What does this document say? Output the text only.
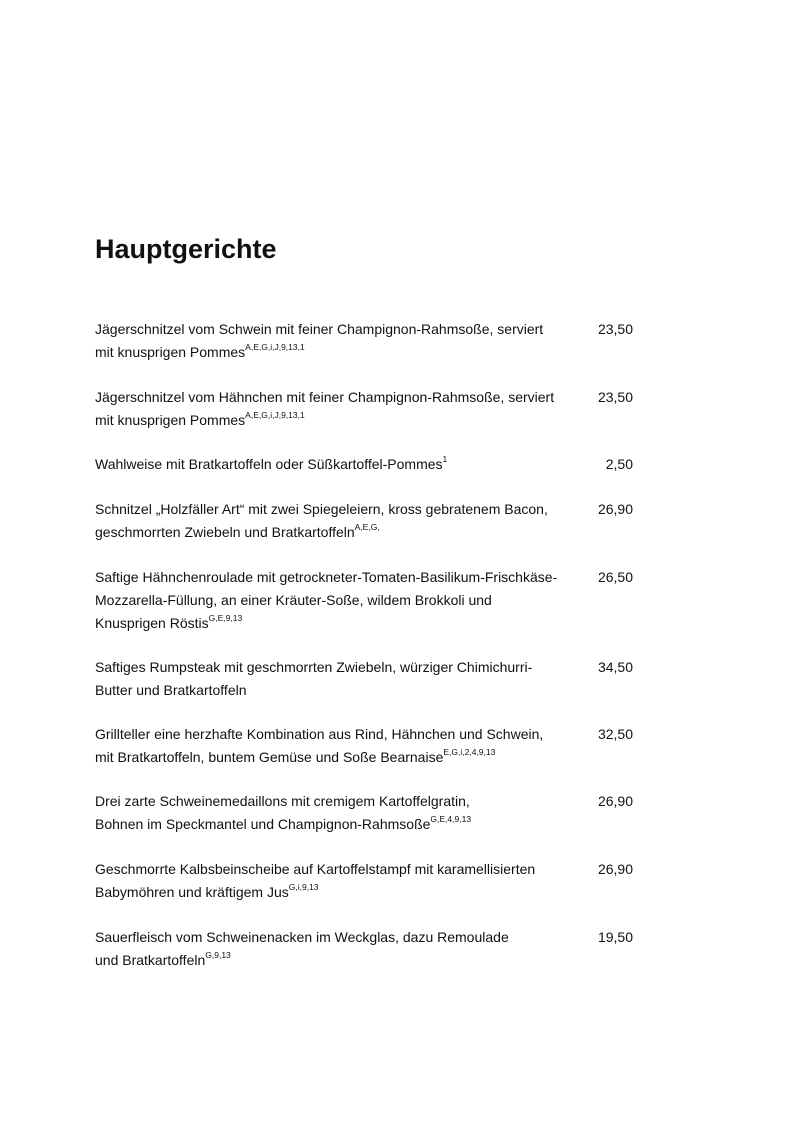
Hauptgerichte
Jägerschnitzel vom Schwein mit feiner Champignon-Rahmsoße, serviert
mit knusprigen Pommes$^{A,E,G,i,J,9,13,1}$
23,50
Jägerschnitzel vom Hähnchen mit feiner Champignon-Rahmsoße, serviert
mit knusprigen Pommes$^{A,E,G,i,J,9,13,1}$
23,50
Wahlweise mit Bratkartoffeln oder Süßkartoffel-Pommes$^1$	2,50
Schnitzel „Holzfäller Art“ mit zwei Spiegeleiern, kross gebratenem Bacon,
geschmorrten Zwiebeln und Bratkartoffeln$^{A,E,G,}$
26,90
Saftige Hähnchenroulade mit getrockneter-Tomaten-Basilikum-Frischkäse-
Mozzarella-Füllung, an einer Kräuter-Soße, wildem Brokkoli und
Knusprigen Röstis$^{G,E,9,13}$
26,50
Saftiges Rumpsteak mit geschmorrten Zwiebeln, würziger Chimichurri-
Butter und Bratkartoffeln
34,50
Grillteller eine herzhafte Kombination aus Rind, Hähnchen und Schwein,
mit Bratkartoffeln, buntem Gemüse und Soße Bearnaise$^{E,G,i,2,4,9,13}$
32,50
Drei zarte Schweinemedaillons mit cremigem Kartoffelgratin,
Bohnen im Speckmantel und Champignon-Rahmsoße$^{G,E,4,9,13}$
26,90
Geschmorrte Kalbsbeinscheibe auf Kartoffelstampf mit karamellisierten
Babymöhren und kräftigem Jus$^{G,i,9,13}$
26,90
Sauerfleisch vom Schweinenacken im Weckglas, dazu Remoulade
und Bratkartoffeln$^{G,9,13}$
19,50
